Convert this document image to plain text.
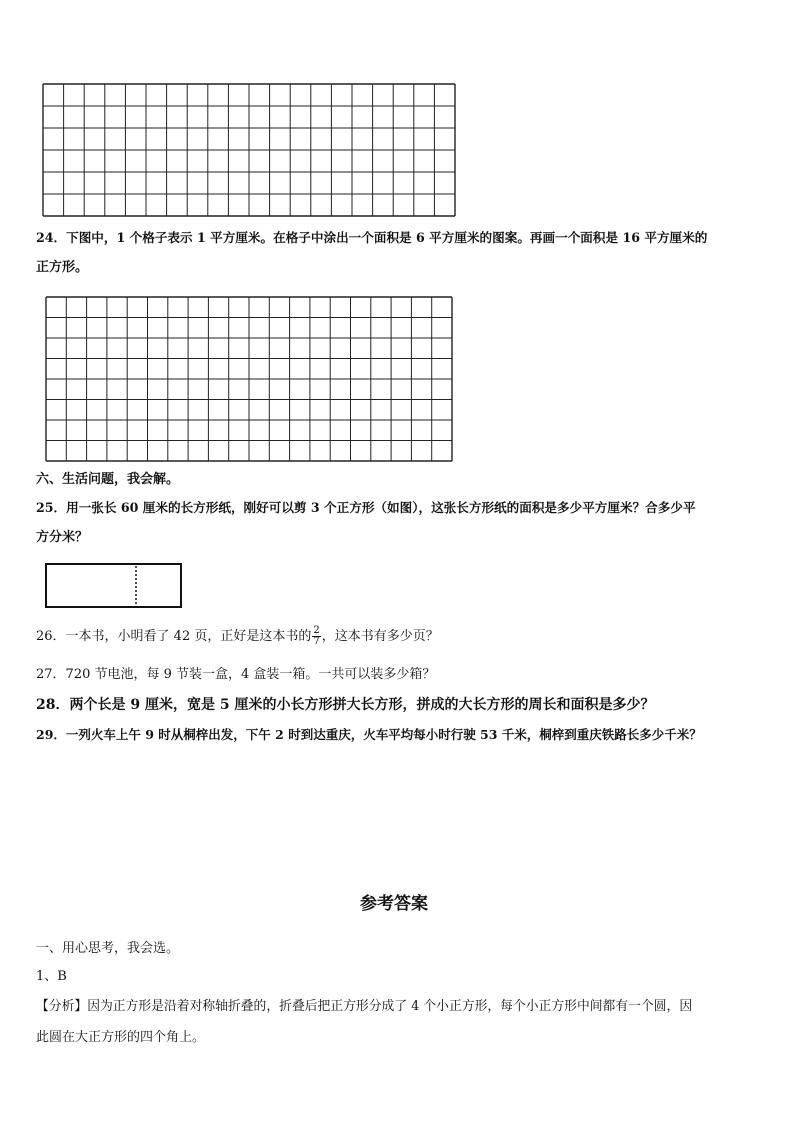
24．下图中，1 个格子表示 1 平方厘米。在格子中涂出一个面积是 6 平方厘米的图案。再画一个面积是 16 平方厘米的
正方形。
六、生活问题，我会解。
25．用一张长 60 厘米的长方形纸，刚好可以剪 3 个正方形（如图），这张长方形纸的面积是多少平方厘米？合多少平
方分米？
26．一本书，小明看了 42 页，正好是这本书的 $\frac{2}{7}$ ，这本书有多少页？
27．720 节电池，每 9 节装一盒，4 盒装一箱。一共可以装多少箱？
28．两个长是 9 厘米，宽是 5 厘米的小长方形拼大长方形，拼成的大长方形的周长和面积是多少？
29．一列火车上午 9 时从桐梓出发，下午 2 时到达重庆，火车平均每小时行驶 53 千米，桐梓到重庆铁路长多少千米？
参考答案
一、用心思考，我会选。
1、B
【分析】因为正方形是沿着对称轴折叠的，折叠后把正方形分成了 4 个小正方形，每个小正方形中间都有一个圆，因
此圆在大正方形的四个角上。
